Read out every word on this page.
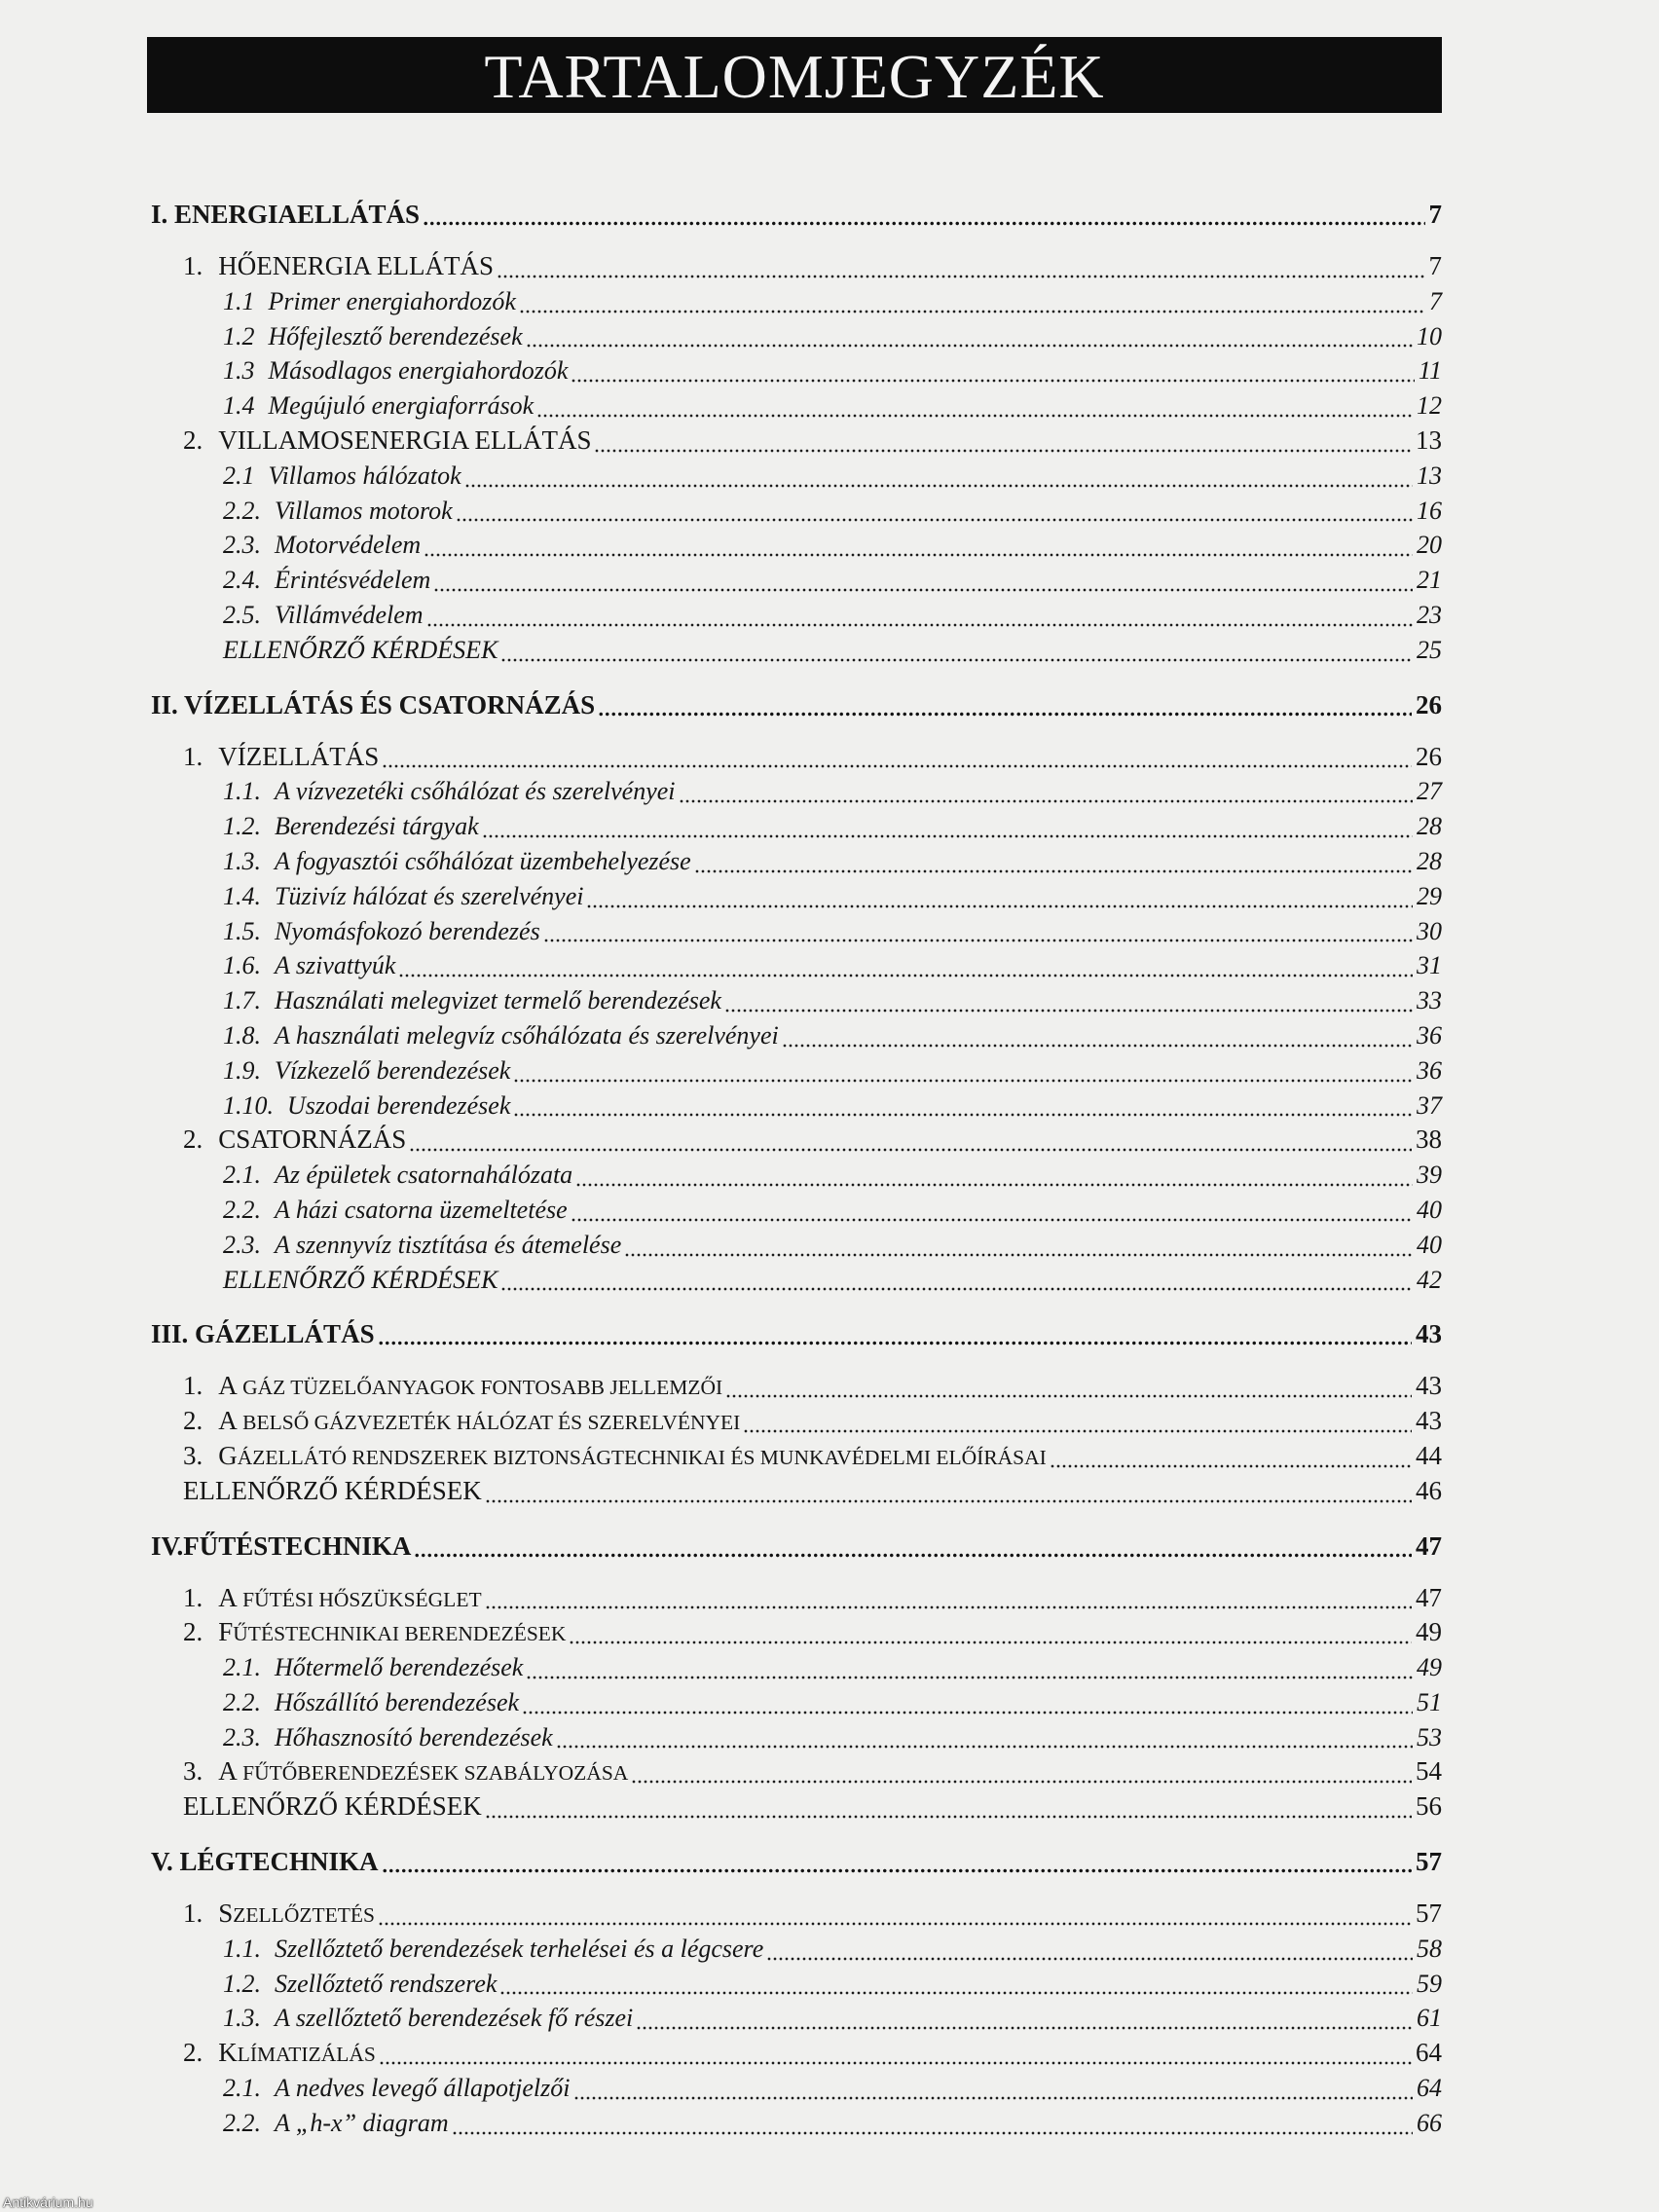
TARTALOMJEGYZÉK
I. ENERGIAELLÁTÁS	7
1. HŐENERGIA ELLÁTÁS	7
1.1 Primer energiahordozók	7
1.2 Hőfejlesztő berendezések	10
1.3 Másodlagos energiahordozók	11
1.4 Megújuló energiaforrások	12
2. VILLAMOSENERGIA ELLÁTÁS	13
2.1 Villamos hálózatok	13
2.2. Villamos motorok	16
2.3. Motorvédelem	20
2.4. Érintésvédelem	21
2.5. Villámvédelem	23
ELLENŐRZŐ KÉRDÉSEK	25
II. VÍZELLÁTÁS ÉS CSATORNÁZÁS	26
1. VÍZELLÁTÁS	26
1.1. A vízvezetéki csőhálózat és szerelvényei	27
1.2. Berendezési tárgyak	28
1.3. A fogyasztói csőhálózat üzembehelyezése	28
1.4. Tüzivíz hálózat és szerelvényei	29
1.5. Nyomásfokozó berendezés	30
1.6. A szivattyúk	31
1.7. Használati melegvizet termelő berendezések	33
1.8. A használati melegvíz csőhálózata és szerelvényei	36
1.9. Vízkezelő berendezések	36
1.10. Uszodai berendezések	37
2. CSATORNÁZÁS	38
2.1. Az épületek csatornahálózata	39
2.2. A házi csatorna üzemeltetése	40
2.3. A szennyvíz tisztítása és átemelése	40
ELLENŐRZŐ KÉRDÉSEK	42
III. GÁZELLÁTÁS	43
1. A GÁZ TÜZELŐANYAGOK FONTOSABB JELLEMZŐI	43
2. A BELSŐ GÁZVEZETÉK HÁLÓZAT ÉS SZERELVÉNYEI	43
3. GÁZELLÁTÓ RENDSZEREK BIZTONSÁGTECHNIKAI ÉS MUNKAVÉDELMI ELŐÍRÁSAI	44
ELLENŐRZŐ KÉRDÉSEK	46
IV.FŰTÉSTECHNIKA	47
1. A FŰTÉSI HŐSZÜKSÉGLET	47
2. FŰTÉSTECHNIKAI BERENDEZÉSEK	49
2.1. Hőtermelő berendezések	49
2.2. Hőszállító berendezések	51
2.3. Hőhasznosító berendezések	53
3. A FŰTŐBERENDEZÉSEK SZABÁLYOZÁSA	54
ELLENŐRZŐ KÉRDÉSEK	56
V. LÉGTECHNIKA	57
1. SZELLŐZTETÉS	57
1.1. Szellőztető berendezések terhelései és a légcsere	58
1.2. Szellőztető rendszerek	59
1.3. A szellőztető berendezések fő részei	61
2. KLÍMATIZÁLÁS	64
2.1. A nedves levegő állapotjelzői	64
2.2. A „h-x” diagram	66
Antikvárium.hu
